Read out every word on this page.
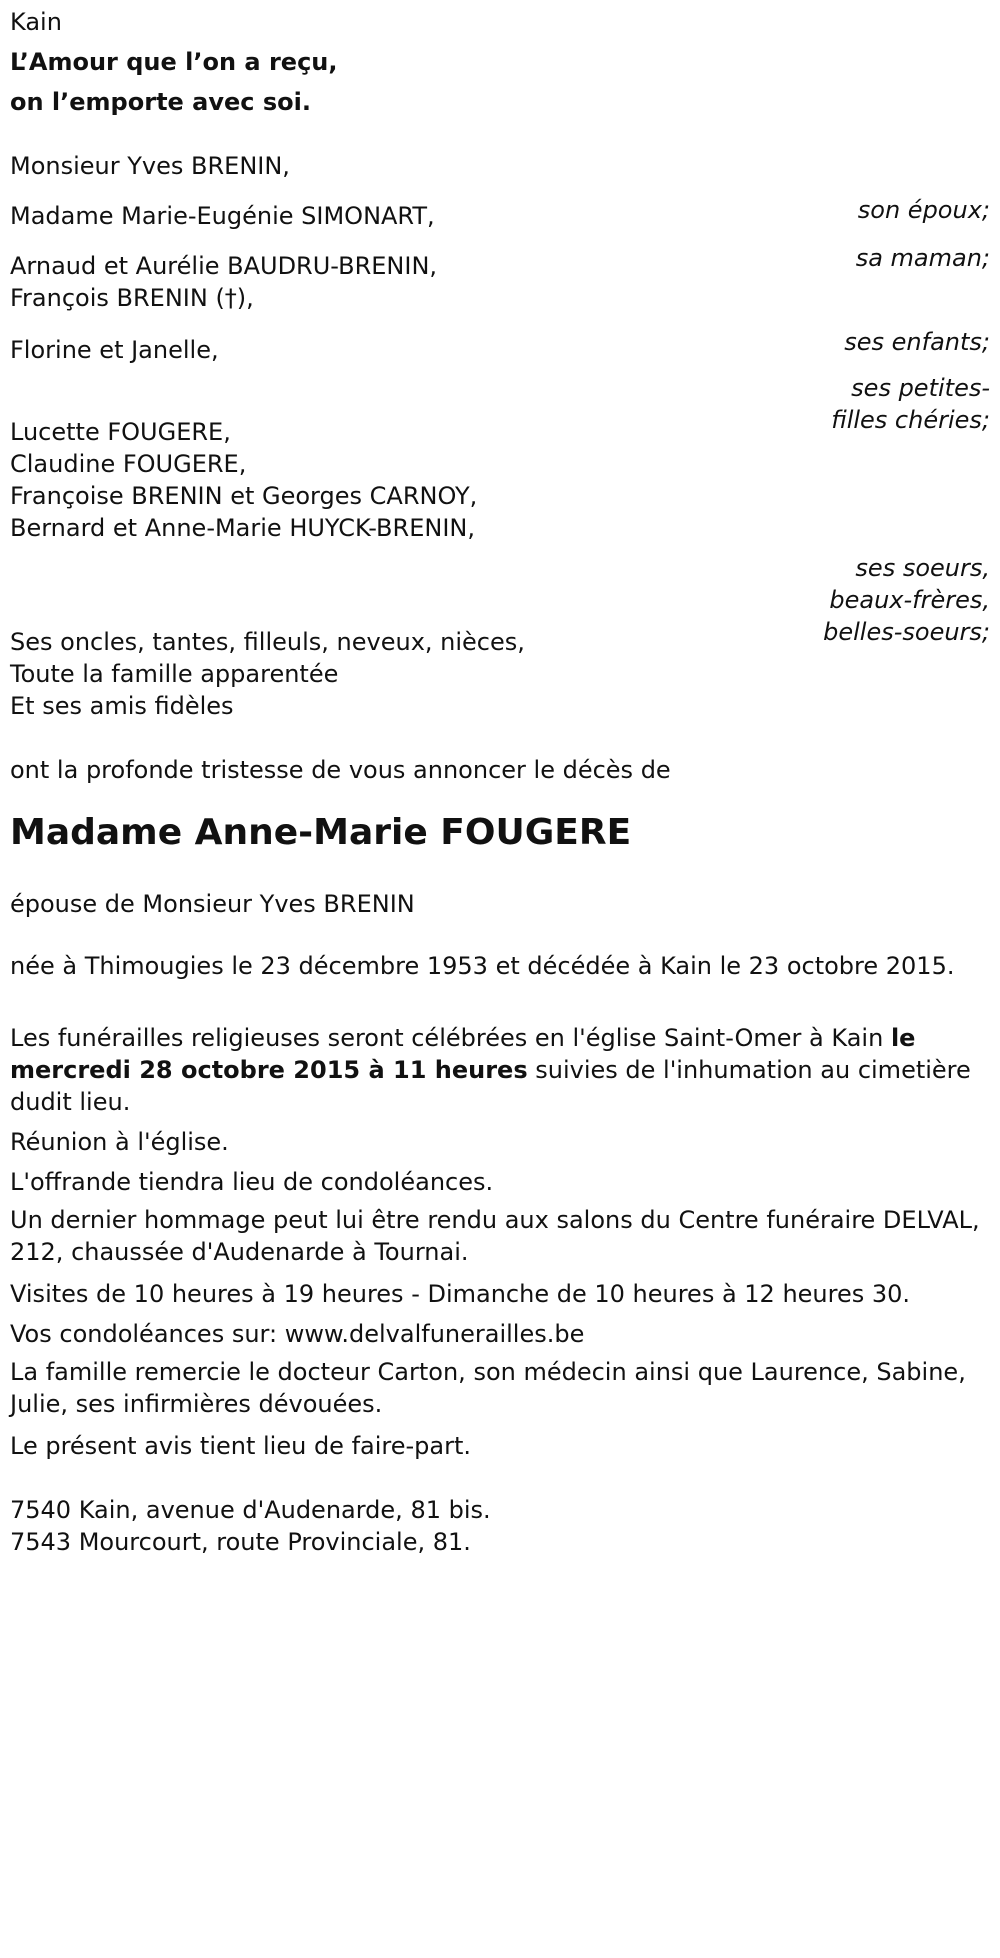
Kain

L’Amour que l’on a reçu,

on l’emporte avec soi.

Monsieur Yves BRENIN,

son époux;

Madame Marie-Eugénie SIMONART,

sa maman;

Arnaud et Aurélie BAUDRU-BRENIN,

François BRENIN (†),

ses enfants;

Florine et Janelle,

ses petites-filles chéries;

Lucette FOUGERE,

Claudine FOUGERE,

Françoise BRENIN et Georges CARNOY,

Bernard et Anne-Marie HUYCK-BRENIN,

ses soeurs, beaux-frères, belles-soeurs;

Ses oncles, tantes, filleuls, neveux, nièces,

Toute la famille apparentée

Et ses amis fidèles

ont la profonde tristesse de vous annoncer le décès de

Madame Anne-Marie FOUGERE

épouse de Monsieur Yves BRENIN

née à Thimougies le 23 décembre 1953 et décédée à Kain le 23 octobre 2015.

Les funérailles religieuses seront célébrées en l'église Saint-Omer à Kain le mercredi 28 octobre 2015 à 11 heures suivies de l'inhumation au cimetière dudit lieu.

Réunion à l'église.

L'offrande tiendra lieu de condoléances.

Un dernier hommage peut lui être rendu aux salons du Centre funéraire DELVAL, 212, chaussée d'Audenarde à Tournai.

Visites de 10 heures à 19 heures - Dimanche de 10 heures à 12 heures 30.

Vos condoléances sur: www.delvalfunerailles.be

La famille remercie le docteur Carton, son médecin ainsi que Laurence, Sabine, Julie, ses infirmières dévouées.

Le présent avis tient lieu de faire-part.

7540 Kain, avenue d'Audenarde, 81 bis.

7543 Mourcourt, route Provinciale, 81.
